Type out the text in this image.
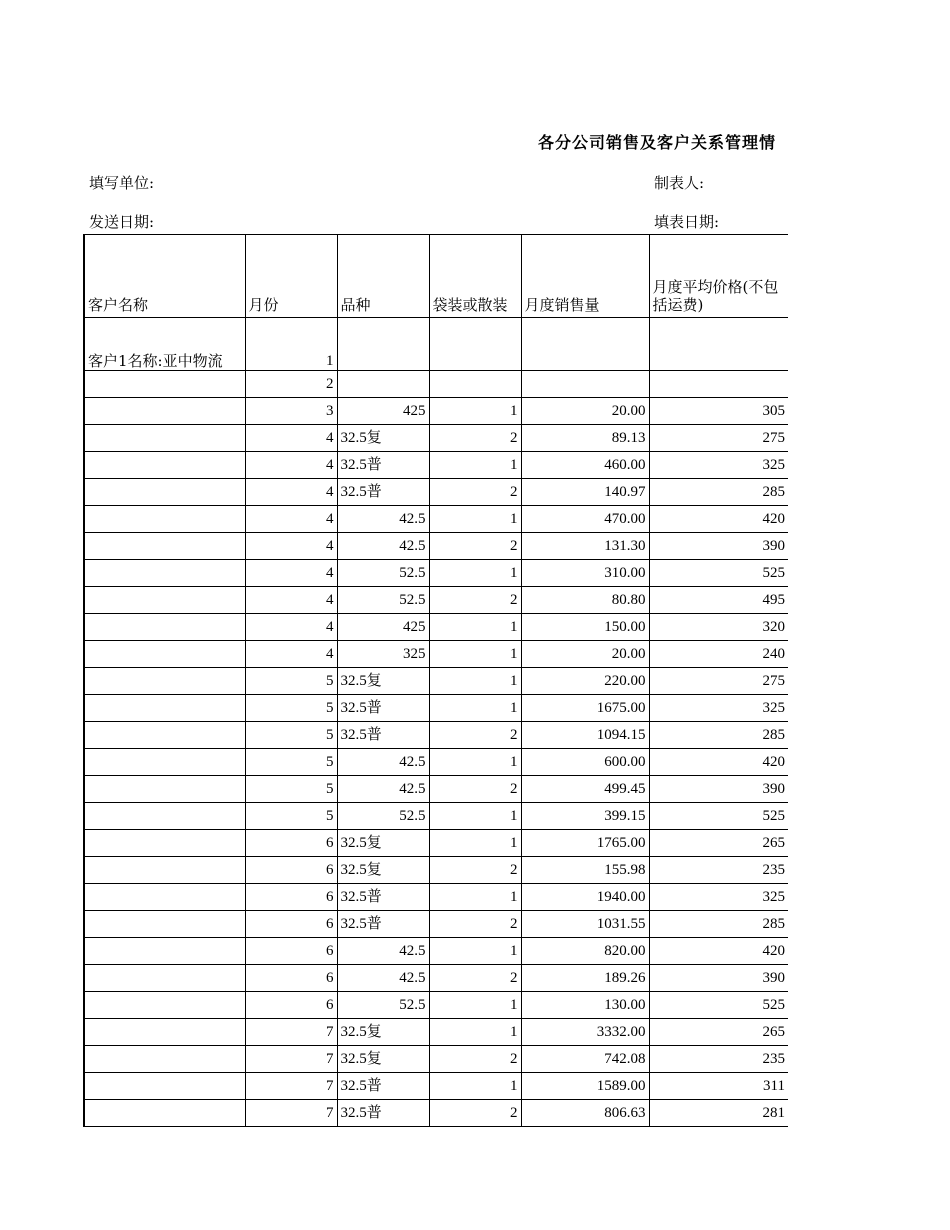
各分公司销售及客户关系管理情
填写单位:	制表人:
发送日期:	填表日期:
客户名称	月份	品种	袋装或散装	月度销售量	月度平均价格(不包括运费)
客户1名称:亚中物流	1				
	2				
	3	425	1	20.00	305
	4	32.5复	2	89.13	275
	4	32.5普	1	460.00	325
	4	32.5普	2	140.97	285
	4	42.5	1	470.00	420
	4	42.5	2	131.30	390
	4	52.5	1	310.00	525
	4	52.5	2	80.80	495
	4	425	1	150.00	320
	4	325	1	20.00	240
	5	32.5复	1	220.00	275
	5	32.5普	1	1675.00	325
	5	32.5普	2	1094.15	285
	5	42.5	1	600.00	420
	5	42.5	2	499.45	390
	5	52.5	1	399.15	525
	6	32.5复	1	1765.00	265
	6	32.5复	2	155.98	235
	6	32.5普	1	1940.00	325
	6	32.5普	2	1031.55	285
	6	42.5	1	820.00	420
	6	42.5	2	189.26	390
	6	52.5	1	130.00	525
	7	32.5复	1	3332.00	265
	7	32.5复	2	742.08	235
	7	32.5普	1	1589.00	311
	7	32.5普	2	806.63	281
